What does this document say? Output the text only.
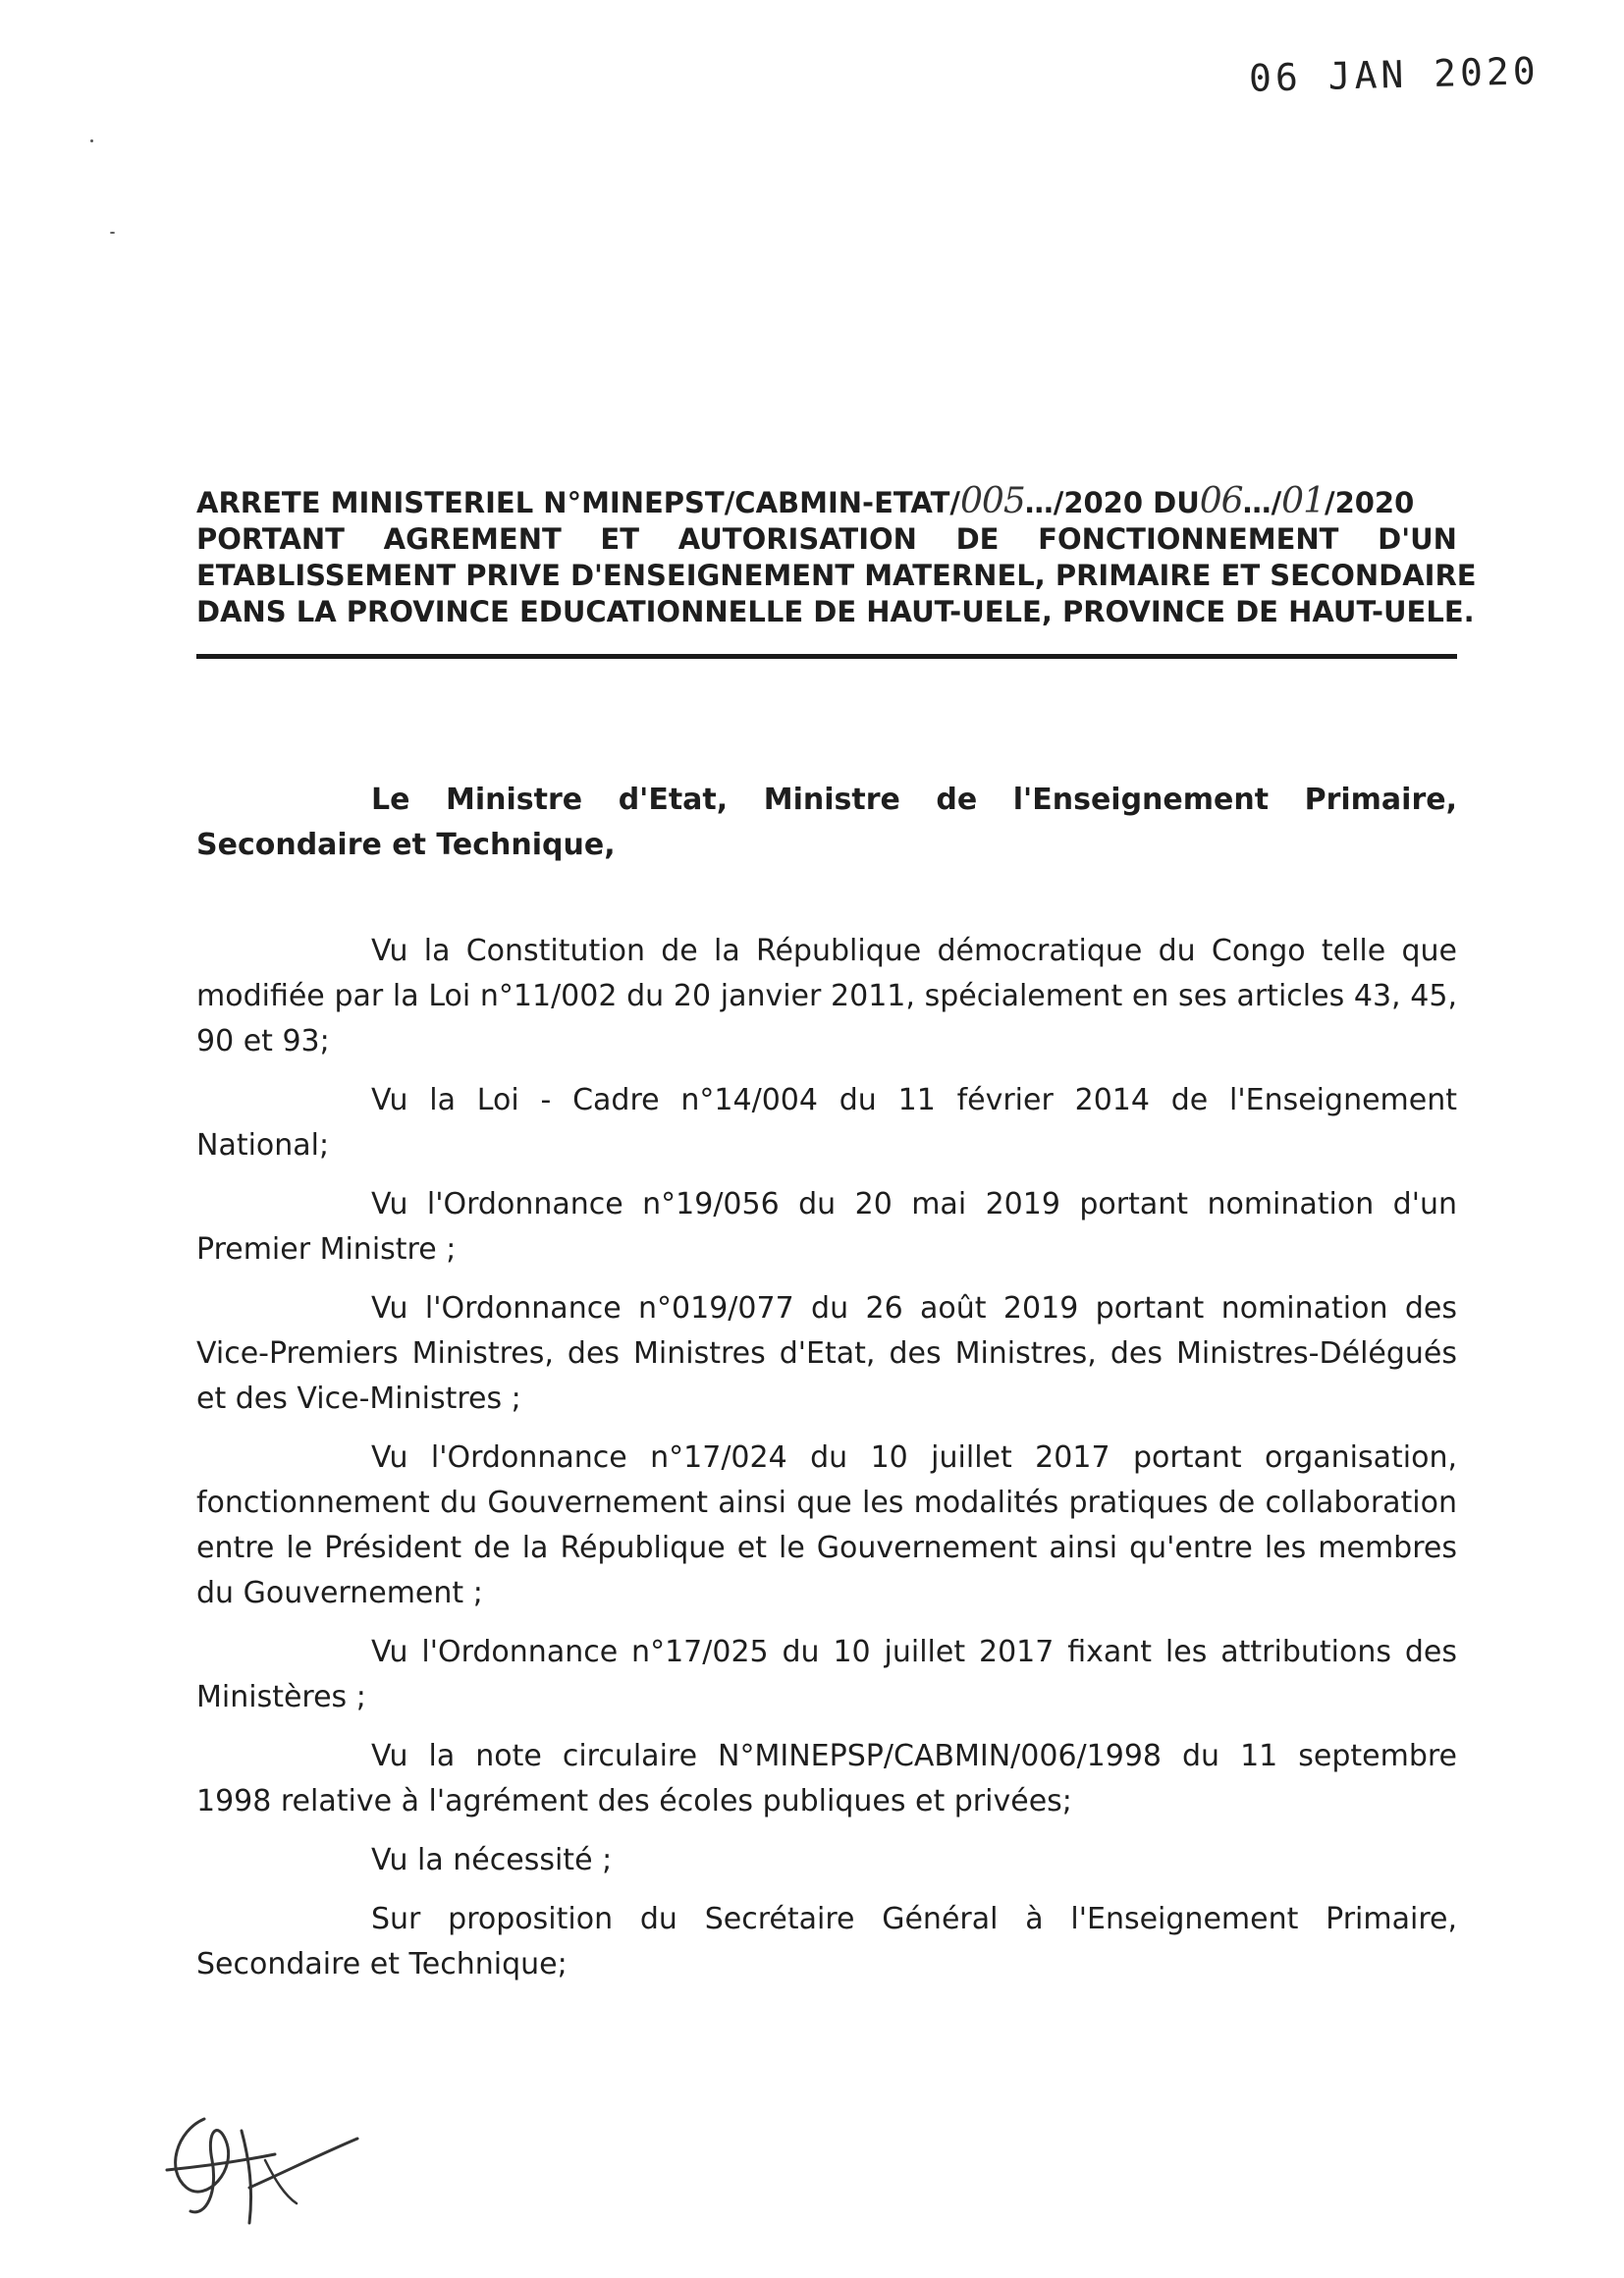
06 JAN 2020
ARRETE MINISTERIEL N°MINEPST/CABMIN-ETAT/005…/2020 DU06…/01/2020
PORTANT AGREMENT ET AUTORISATION DE FONCTIONNEMENT D'UN
ETABLISSEMENT PRIVE D'ENSEIGNEMENT MATERNEL, PRIMAIRE ET SECONDAIRE
DANS LA PROVINCE EDUCATIONNELLE DE HAUT-UELE, PROVINCE DE HAUT-UELE.
Le Ministre d'Etat, Ministre de l'Enseignement Primaire,
Secondaire et Technique,

Vu la Constitution de la République démocratique du Congo telle que modifiée par la Loi n°11/002 du 20 janvier 2011, spécialement en ses articles 43, 45, 90 et 93;

Vu la Loi - Cadre n°14/004 du 11 février 2014 de l'Enseignement National;

Vu l'Ordonnance n°19/056 du 20 mai 2019 portant nomination d'un Premier Ministre ;

Vu l'Ordonnance n°019/077 du 26 août 2019 portant nomination des Vice-Premiers Ministres, des Ministres d'Etat, des Ministres, des Ministres-Délégués et des Vice-Ministres ;

Vu l'Ordonnance n°17/024 du 10 juillet 2017 portant organisation, fonctionnement du Gouvernement ainsi que les modalités pratiques de collaboration entre le Président de la République et le Gouvernement ainsi qu'entre les membres du Gouvernement ;

Vu l'Ordonnance n°17/025 du 10 juillet 2017 fixant les attributions des Ministères ;

Vu la note circulaire N°MINEPSP/CABMIN/006/1998 du 11 septembre 1998 relative à l'agrément des écoles publiques et privées;

Vu la nécessité ;

Sur proposition du Secrétaire Général à l'Enseignement Primaire, Secondaire et Technique;
